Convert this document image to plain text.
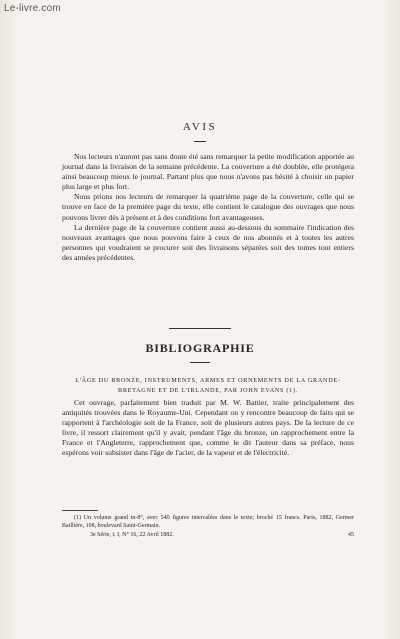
Le-livre.com
AVIS

Nos lecteurs n'auront pas sans doute été sans remarquer la petite modification apportée au journal dans la livraison de la semaine précédente. La couverture a été doublée, elle protégera ainsi beaucoup mieux le journal. Partant plus que nous n'avons pas hésité à choisir un papier plus large et plus fort.

Nous prions nos lecteurs de remarquer la quatrième page de la couverture, celle qui se trouve en face de la première page du texte, elle contient le catalogue des ouvrages que nous pouvons livrer dès à présent et à des conditions fort avantageuses.

La dernière page de la couverture contient aussi au-dessous du sommaire l'indication des nouveaux avantages que nous pouvons faire à ceux de nos abonnés et à toutes les autres personnes qui voudraient se procurer soit des livraisons séparées soit des tomes tout entiers des années précédentes.

BIBLIOGRAPHIE
L'ÂGE DU BRONZE, INSTRUMENTS, ARMES ET ORNEMENTS DE LA GRANDE-BRETAGNE ET DE L'IRLANDE, PAR JOHN EVANS (1).

Cet ouvrage, parfaitement bien traduit par M. W. Battier, traite principalement des antiquités trouvées dans le Royaume-Uni. Cependant on y rencontre beaucoup de faits qui se rapportent à l'archéologie soit de la France, soit de plusieurs autres pays. De la lecture de ce livre, il ressort clairement qu'il y avait, pendant l'âge du bronze, un rapprochement entre la France et l'Angleterre, rapprochement que, comme le dit l'auteur dans sa préface, nous espérons voir subsister dans l'âge de l'acier, de la vapeur et de l'électricité.

(1) Un volume grand in-8°, avec 540 figures intercalées dans le texte; broché 15 francs. Paris, 1882, Germer Baillière, 108, boulevard Saint-Germain.

3e Série, t. I, N° 16, 22 Avril 1882.	45
